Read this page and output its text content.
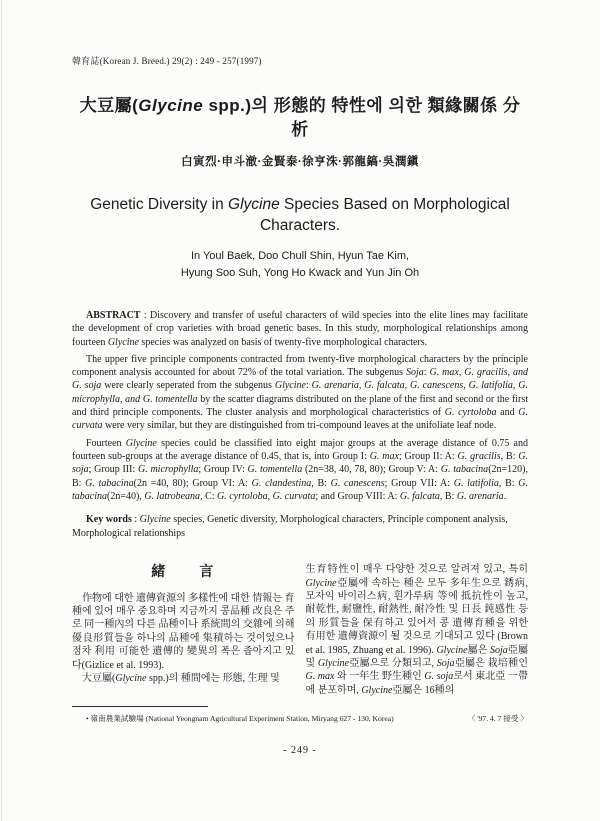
韓育誌(Korean J. Breed.) 29(2) : 249 - 257(1997)
大豆屬(Glycine spp.)의 形態的 特性에 의한 類緣關係 分析
白寅烈·申斗澈·金賢泰·徐亨洙·郭龍鎬·吳潤鎭
Genetic Diversity in Glycine Species Based on Morphological Characters.
In Youl Baek, Doo Chull Shin, Hyun Tae Kim,
Hyung Soo Suh, Yong Ho Kwack and Yun Jin Oh

ABSTRACT : Discovery and transfer of useful characters of wild species into the elite lines may facilitate the development of crop varieties with broad genetic bases. In this study, morphological relationships among fourteen Glycine species was analyzed on basis of twenty-five morphological characters.

The upper five principle components contracted from twenty-five morphological characters by the principle component analysis accounted for about 72% of the total variation. The subgenus Soja: G. max, G. gracilis, and G. soja were clearly seperated from the subgenus Glycine: G. arenaria, G. falcata, G. canescens, G. latifolia, G. microphylla, and G. tomentella by the scatter diagrams distributed on the plane of the first and second or the first and third principle components. The cluster analysis and morphological characteristics of G. cyrtoloba and G. curvata were very similar, but they are distinguished from tri-compound leaves at the unifoliate leaf node.

Fourteen Glycine species could be classified into eight major groups at the average distance of 0.75 and fourteen sub-groups at the average distance of 0.45, that is, into Group I: G. max; Group II: A: G. gracilis, B: G. soja; Group III: G. microphylla; Group IV: G. tomentella (2n=38, 40, 78, 80); Group V: A: G. tabacina(2n=120), B: G. tabacina(2n =40, 80); Group VI: A: G. clandestina, B: G. canescens; Group VII: A: G. latifolia, B: G. tabacina(2n=40), G. latrobeana, C: G. cyrtoloba, G. curvata; and Group VIII: A: G. falcata, B: G. arenaria.

Key words : Glycine species, Genetic diversity, Morphological characters, Principle component analysis, Morphological relationships
緒　　言

作物에 대한 遺傳資源의 多樣性에 대한 情報는 育種에 있어 매우 중요하며 지금까지 콩品種 改良은 주로 同一種內의 다른 品種이나 系統間의 交雜에 의해 優良形質들을 하나의 品種에 集積하는 것이었으나 점차 利用 可能한 遺傳的 變異의 폭은 좁아지고 있다(Gizlice et al. 1993).

大豆屬(Glycine spp.)의 種間에는 形態, 生理 및

生育特性이 매우 다양한 것으로 알려져 있고, 특히 Glycine亞屬에 속하는 種은 모두 多年生으로 銹病, 모자익 바이러스病, 흰가루病 等에 抵抗性이 높고, 耐乾性, 耐鹽性, 耐熱性, 耐冷性 및 日長 鈍感性 등의 形質들을 保有하고 있어서 콩 遺傳育種을 위한 有用한 遺傳資源이 될 것으로 기대되고 있다 (Brown et al. 1985, Zhuang et al. 1996). Glycine屬은 Soja亞屬 및 Glycine亞屬으로 分類되고, Soja亞屬은 栽培種인 G. max 와 一年生 野生種인 G. soja로서 東北亞 一帶에 분포하며, Glycine亞屬은 16種의

• 嶺南農業試驗場 (National Yeongnam Agricultural Experiment Station, Miryang 627 - 130, Korea)	〈 '97. 4. 7 接受 〉
- 249 -
